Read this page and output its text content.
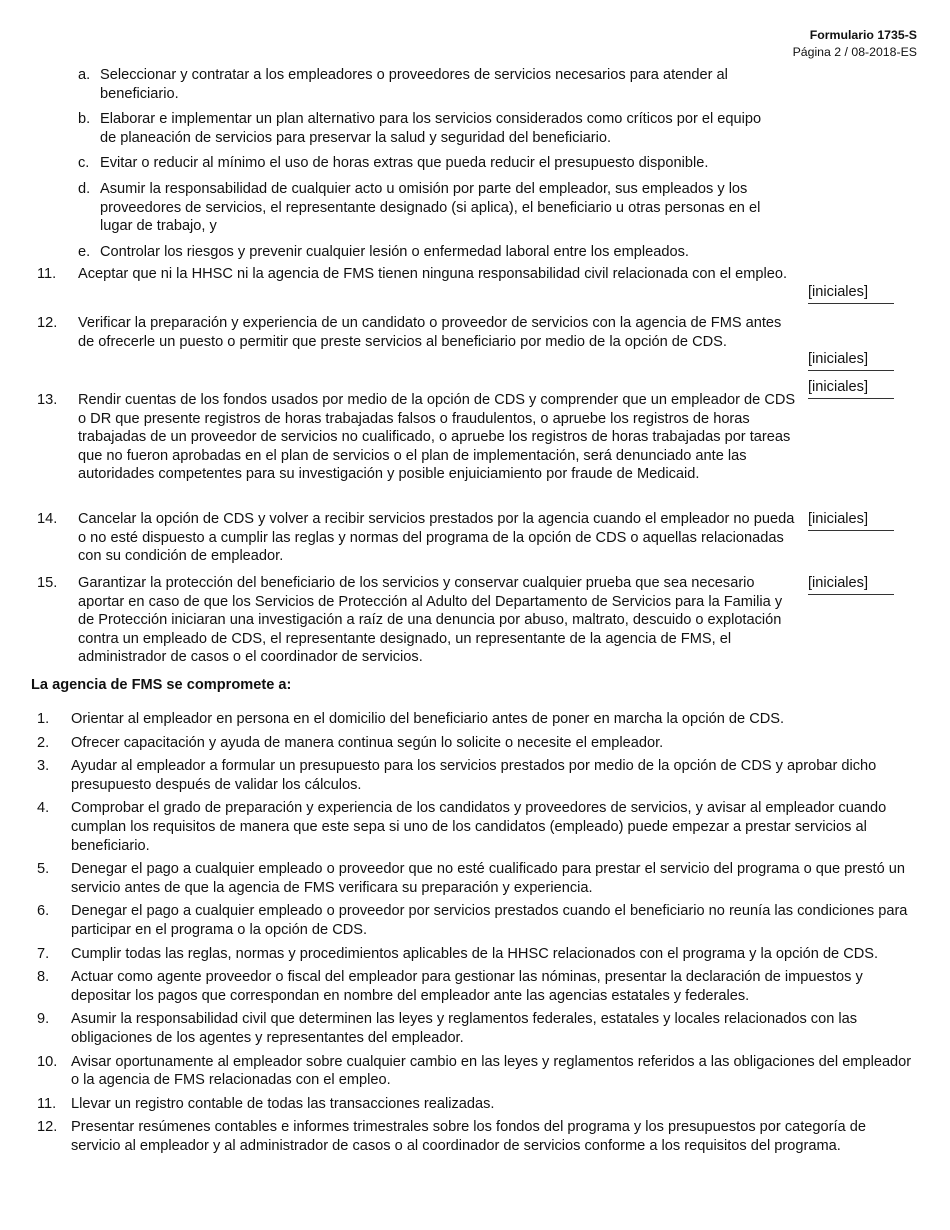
Formulario 1735-S
Página 2 / 08-2018-ES
a. Seleccionar y contratar a los empleadores o proveedores de servicios necesarios para atender al beneficiario.
b. Elaborar e implementar un plan alternativo para los servicios considerados como críticos por el equipo de planeación de servicios para preservar la salud y seguridad del beneficiario.
c. Evitar o reducir al mínimo el uso de horas extras que pueda reducir el presupuesto disponible.
d. Asumir la responsabilidad de cualquier acto u omisión por parte del empleador, sus empleados y los proveedores de servicios, el representante designado (si aplica), el beneficiario u otras personas en el lugar de trabajo, y
e. Controlar los riesgos y prevenir cualquier lesión o enfermedad laboral entre los empleados.
11.	Aceptar que ni la HHSC ni la agencia de FMS tienen ninguna responsabilidad civil relacionada con el empleo.
[iniciales]
12.	Verificar la preparación y experiencia de un candidato o proveedor de servicios con la agencia de FMS antes de ofrecerle un puesto o permitir que preste servicios al beneficiario por medio de la opción de CDS.
[iniciales]
[iniciales]
13.	Rendir cuentas de los fondos usados por medio de la opción de CDS y comprender que un empleador de CDS o DR que presente registros de horas trabajadas falsos o fraudulentos, o apruebe los registros de horas trabajadas de un proveedor de servicios no cualificado, o apruebe los registros de horas trabajadas por tareas que no fueron aprobadas en el plan de servicios o el plan de implementación, será denunciado ante las autoridades competentes para su investigación y posible enjuiciamiento por fraude de Medicaid.
14.	Cancelar la opción de CDS y volver a recibir servicios prestados por la agencia cuando el empleador no pueda o no esté dispuesto a cumplir las reglas y normas del programa de la opción de CDS o aquellas relacionadas con su condición de empleador.
[iniciales]
15.	Garantizar la protección del beneficiario de los servicios y conservar cualquier prueba que sea necesario aportar en caso de que los Servicios de Protección al Adulto del Departamento de Servicios para la Familia y de Protección iniciaran una investigación a raíz de una denuncia por abuso, maltrato, descuido o explotación contra un empleado de CDS, el representante designado, un representante de la agencia de FMS, el administrador de casos o el coordinador de servicios.
[iniciales]
La agencia de FMS se compromete a:
1.	Orientar al empleador en persona en el domicilio del beneficiario antes de poner en marcha la opción de CDS.
2.	Ofrecer capacitación y ayuda de manera continua según lo solicite o necesite el empleador.
3.	Ayudar al empleador a formular un presupuesto para los servicios prestados por medio de la opción de CDS y aprobar dicho presupuesto después de validar los cálculos.
4.	Comprobar el grado de preparación y experiencia de los candidatos y proveedores de servicios, y avisar al empleador cuando cumplan los requisitos de manera que este sepa si uno de los candidatos (empleado) puede empezar a prestar servicios al beneficiario.
5.	Denegar el pago a cualquier empleado o proveedor que no esté cualificado para prestar el servicio del programa o que prestó un servicio antes de que la agencia de FMS verificara su preparación y experiencia.
6.	Denegar el pago a cualquier empleado o proveedor por servicios prestados cuando el beneficiario no reunía las condiciones para participar en el programa o la opción de CDS.
7.	Cumplir todas las reglas, normas y procedimientos aplicables de la HHSC relacionados con el programa y la opción de CDS.
8.	Actuar como agente proveedor o fiscal del empleador para gestionar las nóminas, presentar la declaración de impuestos y depositar los pagos que correspondan en nombre del empleador ante las agencias estatales y federales.
9.	Asumir la responsabilidad civil que determinen las leyes y reglamentos federales, estatales y locales relacionados con las obligaciones de los agentes y representantes del empleador.
10. Avisar oportunamente al empleador sobre cualquier cambio en las leyes y reglamentos referidos a las obligaciones del empleador o la agencia de FMS relacionadas con el empleo.
11.	Llevar un registro contable de todas las transacciones realizadas.
12. Presentar resúmenes contables e informes trimestrales sobre los fondos del programa y los presupuestos por categoría de servicio al empleador y al administrador de casos o al coordinador de servicios conforme a los requisitos del programa.
